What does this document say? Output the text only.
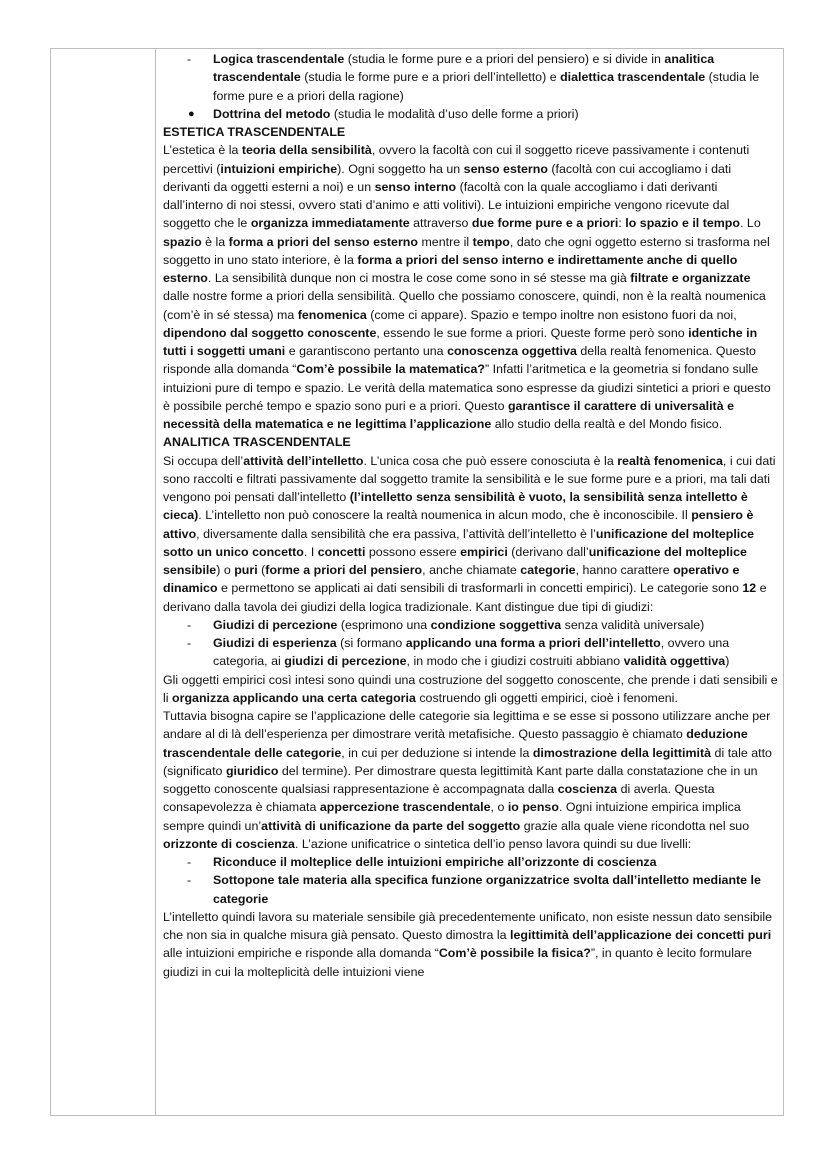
- Logica trascendentale (studia le forme pure e a priori del pensiero) e si divide in analitica trascendentale (studia le forme pure e a priori dell’intelletto) e dialettica trascendentale (studia le forme pure e a priori della ragione)
● Dottrina del metodo (studia le modalità d’uso delle forme a priori)
ESTETICA TRASCENDENTALE
L’estetica è la teoria della sensibilità, ovvero la facoltà con cui il soggetto riceve passivamente i contenuti percettivi (intuizioni empiriche). Ogni soggetto ha un senso esterno (facoltà con cui accogliamo i dati derivanti da oggetti esterni a noi) e un senso interno (facoltà con la quale accogliamo i dati derivanti dall’interno di noi stessi, ovvero stati d’animo e atti volitivi). Le intuizioni empiriche vengono ricevute dal soggetto che le organizza immediatamente attraverso due forme pure e a priori: lo spazio e il tempo. Lo spazio è la forma a priori del senso esterno mentre il tempo, dato che ogni oggetto esterno si trasforma nel soggetto in uno stato interiore, è la forma a priori del senso interno e indirettamente anche di quello esterno. La sensibilità dunque non ci mostra le cose come sono in sé stesse ma già filtrate e organizzate dalle nostre forme a priori della sensibilità. Quello che possiamo conoscere, quindi, non è la realtà noumenica (com’è in sé stessa) ma fenomenica (come ci appare). Spazio e tempo inoltre non esistono fuori da noi, dipendono dal soggetto conoscente, essendo le sue forme a priori. Queste forme però sono identiche in tutti i soggetti umani e garantiscono pertanto una conoscenza oggettiva della realtà fenomenica. Questo risponde alla domanda “Com’è possibile la matematica?” Infatti l’aritmetica e la geometria si fondano sulle intuizioni pure di tempo e spazio. Le verità della matematica sono espresse da giudizi sintetici a priori e questo è possibile perché tempo e spazio sono puri e a priori. Questo garantisce il carattere di universalità e necessità della matematica e ne legittima l’applicazione allo studio della realtà e del Mondo fisico.
ANALITICA TRASCENDENTALE
Si occupa dell’attività dell’intelletto. L’unica cosa che può essere conosciuta è la realtà fenomenica, i cui dati sono raccolti e filtrati passivamente dal soggetto tramite la sensibilità e le sue forme pure e a priori, ma tali dati vengono poi pensati dall’intelletto (l’intelletto senza sensibilità è vuoto, la sensibilità senza intelletto è cieca). L’intelletto non può conoscere la realtà noumenica in alcun modo, che è inconoscibile. Il pensiero è attivo, diversamente dalla sensibilità che era passiva, l’attività dell’intelletto è l’unificazione del molteplice sotto un unico concetto. I concetti possono essere empirici (derivano dall’unificazione del molteplice sensibile) o puri (forme a priori del pensiero, anche chiamate categorie, hanno carattere operativo e dinamico e permettono se applicati ai dati sensibili di trasformarli in concetti empirici). Le categorie sono 12 e derivano dalla tavola dei giudizi della logica tradizionale. Kant distingue due tipi di giudizi:
- Giudizi di percezione (esprimono una condizione soggettiva senza validità universale)
- Giudizi di esperienza (si formano applicando una forma a priori dell’intelletto, ovvero una categoria, ai giudizi di percezione, in modo che i giudizi costruiti abbiano validità oggettiva)
Gli oggetti empirici così intesi sono quindi una costruzione del soggetto conoscente, che prende i dati sensibili e li organizza applicando una certa categoria costruendo gli oggetti empirici, cioè i fenomeni.
Tuttavia bisogna capire se l’applicazione delle categorie sia legittima e se esse si possono utilizzare anche per andare al di là dell’esperienza per dimostrare verità metafisiche. Questo passaggio è chiamato deduzione trascendentale delle categorie, in cui per deduzione si intende la dimostrazione della legittimità di tale atto (significato giuridico del termine). Per dimostrare questa legittimità Kant parte dalla constatazione che in un soggetto conoscente qualsiasi rappresentazione è accompagnata dalla coscienza di averla. Questa consapevolezza è chiamata appercezione trascendentale, o io penso. Ogni intuizione empirica implica sempre quindi un’attività di unificazione da parte del soggetto grazie alla quale viene ricondotta nel suo orizzonte di coscienza. L’azione unificatrice o sintetica dell’io penso lavora quindi su due livelli:
- Riconduce il molteplice delle intuizioni empiriche all’orizzonte di coscienza
- Sottopone tale materia alla specifica funzione organizzatrice svolta dall’intelletto mediante le categorie
L’intelletto quindi lavora su materiale sensibile già precedentemente unificato, non esiste nessun dato sensibile che non sia in qualche misura già pensato. Questo dimostra la legittimità dell’applicazione dei concetti puri alle intuizioni empiriche e risponde alla domanda “Com’è possibile la fisica?”, in quanto è lecito formulare giudizi in cui la molteplicità delle intuizioni viene
